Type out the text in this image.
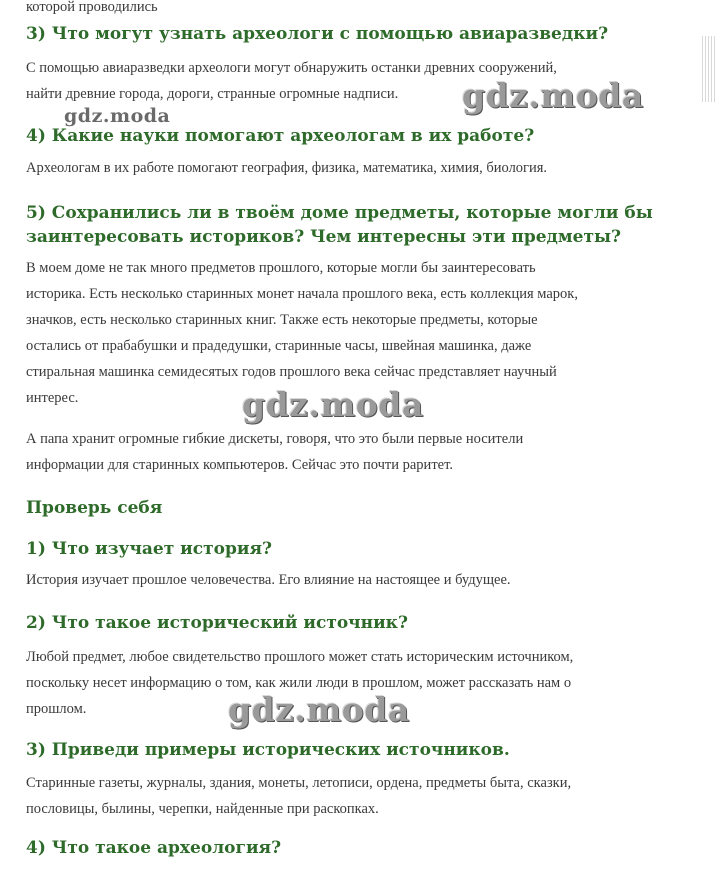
которой проводились
3) Что могут узнать археологи с помощью авиаразведки?

С помощью авиаразведки археологи могут обнаружить останки древних сооружений,
найти древние города, дороги, странные огромные надписи.

4) Какие науки помогают археологам в их работе?

Археологам в их работе помогают география, физика, математика, химия, биология.

5) Сохранились ли в твоём доме предметы, которые могли бы
заинтересовать историков? Чем интересны эти предметы?

В моем доме не так много предметов прошлого, которые могли бы заинтересовать
историка. Есть несколько старинных монет начала прошлого века, есть коллекция марок,
значков, есть несколько старинных книг. Также есть некоторые предметы, которые
остались от прабабушки и прадедушки, старинные часы, швейная машинка, даже
стиральная машинка семидесятых годов прошлого века сейчас представляет научный
интерес.

А папа хранит огромные гибкие дискеты, говоря, что это были первые носители
информации для старинных компьютеров. Сейчас это почти раритет.

Проверь себя
1) Что изучает история?

История изучает прошлое человечества. Его влияние на настоящее и будущее.

2) Что такое исторический источник?

Любой предмет, любое свидетельство прошлого может стать историческим источником,
поскольку несет информацию о том, как жили люди в прошлом, может рассказать нам о
прошлом.

3) Приведи примеры исторических источников.

Старинные газеты, журналы, здания, монеты, летописи, ордена, предметы быта, сказки,
пословицы, былины, черепки, найденные при раскопках.

4) Что такое археология?
gdz.moda
gdz.moda
gdz.moda
gdz.moda
